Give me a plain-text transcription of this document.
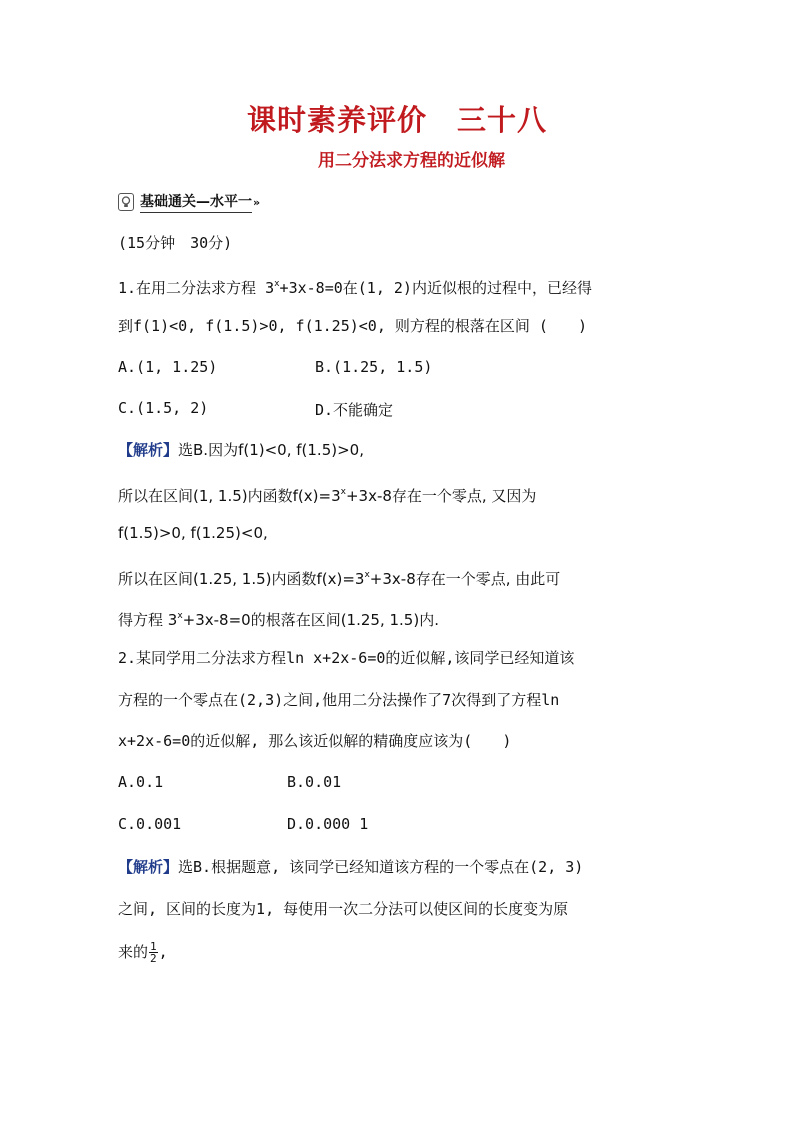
课时素养评价 三十八
用二分法求方程的近似解
基础通关—水平一 »
(15分钟　30分)
1.在用二分法求方程 $3^x+3x-8=0$在(1, 2)内近似根的过程中，已经得
到f(1)<0, f(1.5)>0, f(1.25)<0, 则方程的根落在区间 (　　)
A.(1, 1.25)	B.(1.25, 1.5)
C.(1.5, 2)	D.不能确定
【解析】选B.因为f(1)<0, f(1.5)>0,
所以在区间(1, 1.5)内函数$f(x)=3^x+3x-8$存在一个零点, 又因为
f(1.5)>0, f(1.25)<0,
所以在区间(1.25, 1.5)内函数$f(x)=3^x+3x-8$存在一个零点, 由此可
得方程 $3^x+3x-8=0$的根落在区间(1.25, 1.5)内.
2.某同学用二分法求方程ln x+2x-6=0的近似解,该同学已经知道该
方程的一个零点在(2,3)之间,他用二分法操作了7次得到了方程ln
x+2x-6=0的近似解, 那么该近似解的精确度应该为(　　)
A.0.1	B.0.01
C.0.001	D.0.000 1
【解析】选B.根据题意, 该同学已经知道该方程的一个零点在(2, 3)
之间, 区间的长度为1, 每使用一次二分法可以使区间的长度变为原
来的 $\frac{1}{2}$ ,
